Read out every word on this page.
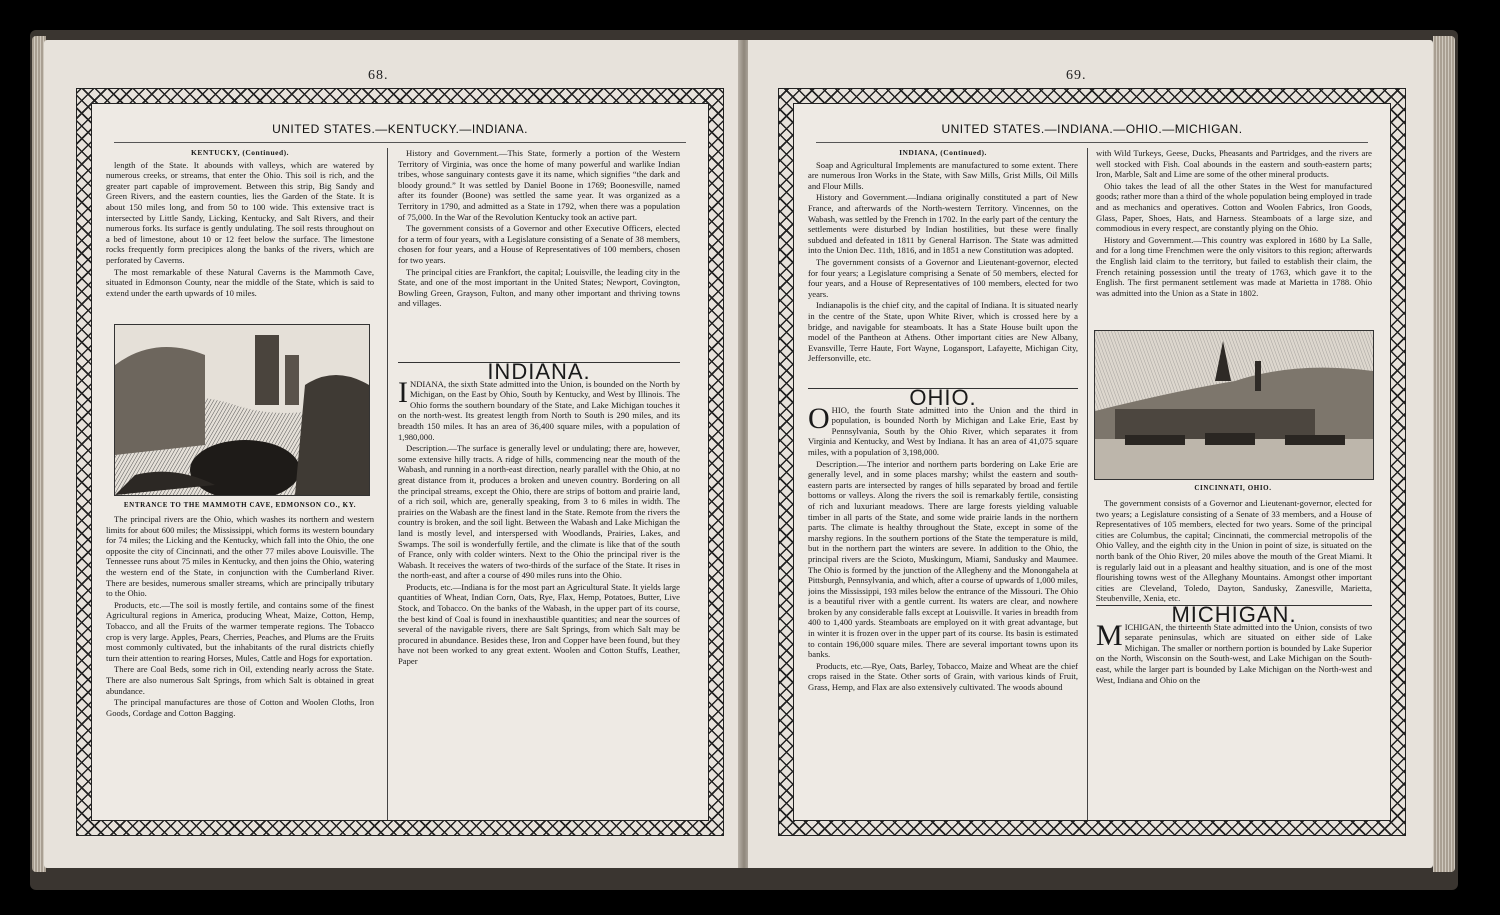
68.
UNITED STATES.—KENTUCKY.—INDIANA.

KENTUCKY, (Continued).

length of the State. It abounds with valleys, which are watered by numerous creeks, or streams, that enter the Ohio. This soil is rich, and the greater part capable of improvement. Between this strip, Big Sandy and Green Rivers, and the eastern counties, lies the Garden of the State. It is about 150 miles long, and from 50 to 100 wide. This extensive tract is intersected by Little Sandy, Licking, Kentucky, and Salt Rivers, and their numerous forks. Its surface is gently undulating. The soil rests throughout on a bed of limestone, about 10 or 12 feet below the surface. The limestone rocks frequently form precipices along the banks of the rivers, which are perforated by Caverns.

The most remarkable of these Natural Caverns is the Mammoth Cave, situated in Edmonson County, near the middle of the State, which is said to extend under the earth upwards of 10 miles.

ENTRANCE TO THE MAMMOTH CAVE, EDMONSON CO., KY.

The principal rivers are the Ohio, which washes its northern and western limits for about 600 miles; the Mississippi, which forms its western boundary for 74 miles; the Licking and the Kentucky, which fall into the Ohio, the one opposite the city of Cincinnati, and the other 77 miles above Louisville. The Tennessee runs about 75 miles in Kentucky, and then joins the Ohio, watering the western end of the State, in conjunction with the Cumberland River. There are besides, numerous smaller streams, which are principally tributary to the Ohio.

Products, etc.—The soil is mostly fertile, and contains some of the finest Agricultural regions in America, producing Wheat, Maize, Cotton, Hemp, Tobacco, and all the Fruits of the warmer temperate regions. The Tobacco crop is very large. Apples, Pears, Cherries, Peaches, and Plums are the Fruits most commonly cultivated, but the inhabitants of the rural districts chiefly turn their attention to rearing Horses, Mules, Cattle and Hogs for exportation.

There are Coal Beds, some rich in Oil, extending nearly across the State. There are also numerous Salt Springs, from which Salt is obtained in great abundance.

The principal manufactures are those of Cotton and Woolen Cloths, Iron Goods, Cordage and Cotton Bagging.

History and Government.—This State, formerly a portion of the Western Territory of Virginia, was once the home of many powerful and warlike Indian tribes, whose sanguinary contests gave it its name, which signifies “the dark and bloody ground.” It was settled by Daniel Boone in 1769; Boonesville, named after its founder (Boone) was settled the same year. It was organized as a Territory in 1790, and admitted as a State in 1792, when there was a population of 75,000. In the War of the Revolution Kentucky took an active part.

The government consists of a Governor and other Executive Officers, elected for a term of four years, with a Legislature consisting of a Senate of 38 members, chosen for four years, and a House of Representatives of 100 members, chosen for two years.

The principal cities are Frankfort, the capital; Louisville, the leading city in the State, and one of the most important in the United States; Newport, Covington, Bowling Green, Grayson, Fulton, and many other important and thriving towns and villages.

INDIANA.

INDIANA, the sixth State admitted into the Union, is bounded on the North by Michigan, on the East by Ohio, South by Kentucky, and West by Illinois. The Ohio forms the southern boundary of the State, and Lake Michigan touches it on the north-west. Its greatest length from North to South is 290 miles, and its breadth 150 miles. It has an area of 36,400 square miles, with a population of 1,980,000.

Description.—The surface is generally level or undulating; there are, however, some extensive hilly tracts. A ridge of hills, commencing near the mouth of the Wabash, and running in a north-east direction, nearly parallel with the Ohio, at no great distance from it, produces a broken and uneven country. Bordering on all the principal streams, except the Ohio, there are strips of bottom and prairie land, of a rich soil, which are, generally speaking, from 3 to 6 miles in width. The prairies on the Wabash are the finest land in the State. Remote from the rivers the country is broken, and the soil light. Between the Wabash and Lake Michigan the land is mostly level, and interspersed with Woodlands, Prairies, Lakes, and Swamps. The soil is wonderfully fertile, and the climate is like that of the south of France, only with colder winters. Next to the Ohio the principal river is the Wabash. It receives the waters of two-thirds of the surface of the State. It rises in the north-east, and after a course of 490 miles runs into the Ohio.

Products, etc.—Indiana is for the most part an Agricultural State. It yields large quantities of Wheat, Indian Corn, Oats, Rye, Flax, Hemp, Potatoes, Butter, Live Stock, and Tobacco. On the banks of the Wabash, in the upper part of its course, the best kind of Coal is found in inexhaustible quantities; and near the sources of several of the navigable rivers, there are Salt Springs, from which Salt may be procured in abundance. Besides these, Iron and Copper have been found, but they have not been worked to any great extent. Woolen and Cotton Stuffs, Leather, Paper

69.
UNITED STATES.—INDIANA.—OHIO.—MICHIGAN.

INDIANA, (Continued).

Soap and Agricultural Implements are manufactured to some extent. There are numerous Iron Works in the State, with Saw Mills, Grist Mills, Oil Mills and Flour Mills.

History and Government.—Indiana originally constituted a part of New France, and afterwards of the North-western Territory. Vincennes, on the Wabash, was settled by the French in 1702. In the early part of the century the settlements were disturbed by Indian hostilities, but these were finally subdued and defeated in 1811 by General Harrison. The State was admitted into the Union Dec. 11th, 1816, and in 1851 a new Constitution was adopted.

The government consists of a Governor and Lieutenant-governor, elected for four years; a Legislature comprising a Senate of 50 members, elected for four years, and a House of Representatives of 100 members, elected for two years.

Indianapolis is the chief city, and the capital of Indiana. It is situated nearly in the centre of the State, upon White River, which is crossed here by a bridge, and navigable for steamboats. It has a State House built upon the model of the Pantheon at Athens. Other important cities are New Albany, Evansville, Terre Haute, Fort Wayne, Logansport, Lafayette, Michigan City, Jeffersonville, etc.

OHIO.

OHIO, the fourth State admitted into the Union and the third in population, is bounded North by Michigan and Lake Erie, East by Pennsylvania, South by the Ohio River, which separates it from Virginia and Kentucky, and West by Indiana. It has an area of 41,075 square miles, with a population of 3,198,000.

Description.—The interior and northern parts bordering on Lake Erie are generally level, and in some places marshy; whilst the eastern and south-eastern parts are intersected by ranges of hills separated by broad and fertile bottoms or valleys. Along the rivers the soil is remarkably fertile, consisting of rich and luxuriant meadows. There are large forests yielding valuable timber in all parts of the State, and some wide prairie lands in the northern parts. The climate is healthy throughout the State, except in some of the marshy regions. In the southern portions of the State the temperature is mild, but in the northern part the winters are severe. In addition to the Ohio, the principal rivers are the Scioto, Muskingum, Miami, Sandusky and Maumee. The Ohio is formed by the junction of the Allegheny and the Monongahela at Pittsburgh, Pennsylvania, and which, after a course of upwards of 1,000 miles, joins the Mississippi, 193 miles below the entrance of the Missouri. The Ohio is a beautiful river with a gentle current. Its waters are clear, and nowhere broken by any considerable falls except at Louisville. It varies in breadth from 400 to 1,400 yards. Steamboats are employed on it with great advantage, but in winter it is frozen over in the upper part of its course. Its basin is estimated to contain 196,000 square miles. There are several important towns upon its banks.

Products, etc.—Rye, Oats, Barley, Tobacco, Maize and Wheat are the chief crops raised in the State. Other sorts of Grain, with various kinds of Fruit, Grass, Hemp, and Flax are also extensively cultivated. The woods abound

with Wild Turkeys, Geese, Ducks, Pheasants and Partridges, and the rivers are well stocked with Fish. Coal abounds in the eastern and south-eastern parts; Iron, Marble, Salt and Lime are some of the other mineral products.

Ohio takes the lead of all the other States in the West for manufactured goods; rather more than a third of the whole population being employed in trade and as mechanics and operatives. Cotton and Woolen Fabrics, Iron Goods, Glass, Paper, Shoes, Hats, and Harness. Steamboats of a large size, and commodious in every respect, are constantly plying on the Ohio.

History and Government.—This country was explored in 1680 by La Salle, and for a long time Frenchmen were the only visitors to this region; afterwards the English laid claim to the territory, but failed to establish their claim, the French retaining possession until the treaty of 1763, which gave it to the English. The first permanent settlement was made at Marietta in 1788. Ohio was admitted into the Union as a State in 1802.

CINCINNATI, OHIO.

The government consists of a Governor and Lieutenant-governor, elected for two years; a Legislature consisting of a Senate of 33 members, and a House of Representatives of 105 members, elected for two years. Some of the principal cities are Columbus, the capital; Cincinnati, the commercial metropolis of the Ohio Valley, and the eighth city in the Union in point of size, is situated on the north bank of the Ohio River, 20 miles above the mouth of the Great Miami. It is regularly laid out in a pleasant and healthy situation, and is one of the most flourishing towns west of the Alleghany Mountains. Amongst other important cities are Cleveland, Toledo, Dayton, Sandusky, Zanesville, Marietta, Steubenville, Xenia, etc.

MICHIGAN.

MICHIGAN, the thirteenth State admitted into the Union, consists of two separate peninsulas, which are situated on either side of Lake Michigan. The smaller or northern portion is bounded by Lake Superior on the North, Wisconsin on the South-west, and Lake Michigan on the South-east, while the larger part is bounded by Lake Michigan on the North-west and West, Indiana and Ohio on the
